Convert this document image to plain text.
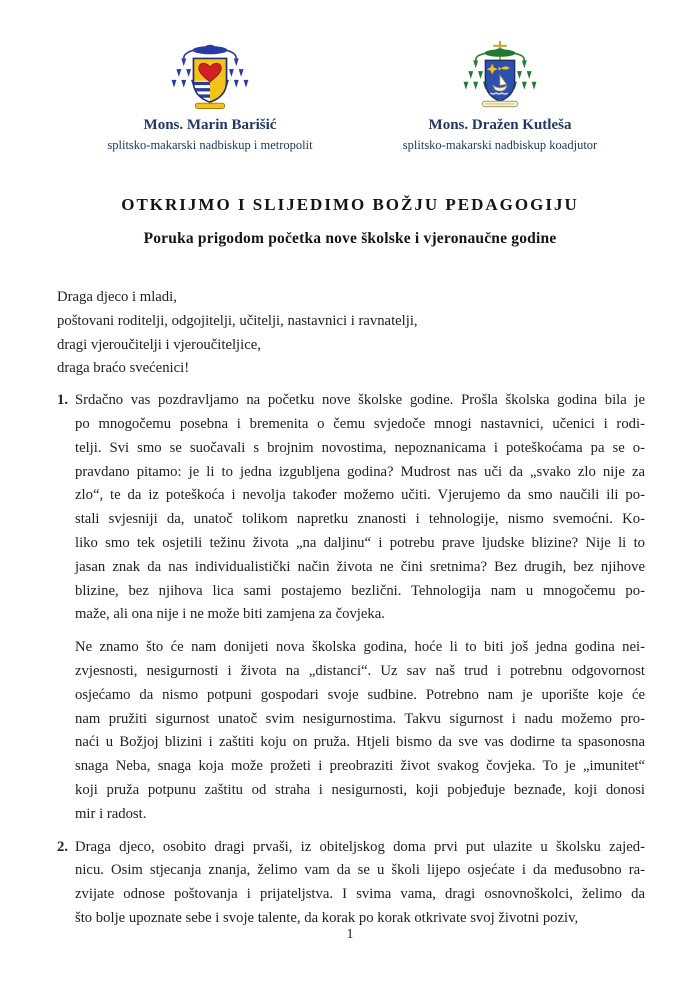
Mons. Marin Barišić
splitsko-makarski nadbiskup i metropolit
Mons. Dražen Kutleša
splitsko-makarski nadbiskup koadjutor
OTKRIJMO I SLIJEDIMO BOŽJU PEDAGOGIJU
Poruka prigodom početka nove školske i vjeronaučne godine
Draga djeco i mladi,
poštovani roditelji, odgojitelji, učitelji, nastavnici i ravnatelji,
dragi vjeroučitelji i vjeroučiteljice,
draga braćo svećenici!
1. Srdačno vas pozdravljamo na početku nove školske godine. Prošla školska godina bila je
po mnogočemu posebna i bremenita o čemu svjedoče mnogi nastavnici, učenici i rodi-
telji. Svi smo se suočavali s brojnim novostima, nepoznanicama i poteškoćama pa se o-
pravdano pitamo: je li to jedna izgubljena godina? Mudrost nas uči da „svako zlo nije za
zlo“, te da iz poteškoća i nevolja također možemo učiti. Vjerujemo da smo naučili ili po-
stali svjesniji da, unatoč tolikom napretku znanosti i tehnologije, nismo svemoćni. Ko-
liko smo tek osjetili težinu života „na daljinu“ i potrebu prave ljudske blizine? Nije li to
jasan znak da nas individualistički način života ne čini sretnima? Bez drugih, bez njihove
blizine, bez njihova lica sami postajemo bezlični. Tehnologija nam u mnogočemu po-
maže, ali ona nije i ne može biti zamjena za čovjeka.
Ne znamo što će nam donijeti nova školska godina, hoće li to biti još jedna godina nei-
zvjesnosti, nesigurnosti i života na „distanci“. Uz sav naš trud i potrebnu odgovornost
osjećamo da nismo potpuni gospodari svoje sudbine. Potrebno nam je uporište koje će
nam pružiti sigurnost unatoč svim nesigurnostima. Takvu sigurnost i nadu možemo pro-
naći u Božjoj blizini i zaštiti koju on pruža. Htjeli bismo da sve vas dodirne ta spasonosna
snaga Neba, snaga koja može prožeti i preobraziti život svakog čovjeka. To je „imunitet“
koji pruža potpunu zaštitu od straha i nesigurnosti, koji pobjeđuje beznađe, koji donosi
mir i radost.
2. Draga djeco, osobito dragi prvaši, iz obiteljskog doma prvi put ulazite u školsku zajed-
nicu. Osim stjecanja znanja, želimo vam da se u školi lijepo osjećate i da međusobno ra-
zvijate odnose poštovanja i prijateljstva. I svima vama, dragi osnovnoškolci, želimo da
što bolje upoznate sebe i svoje talente, da korak po korak otkrivate svoj životni poziv,
1
